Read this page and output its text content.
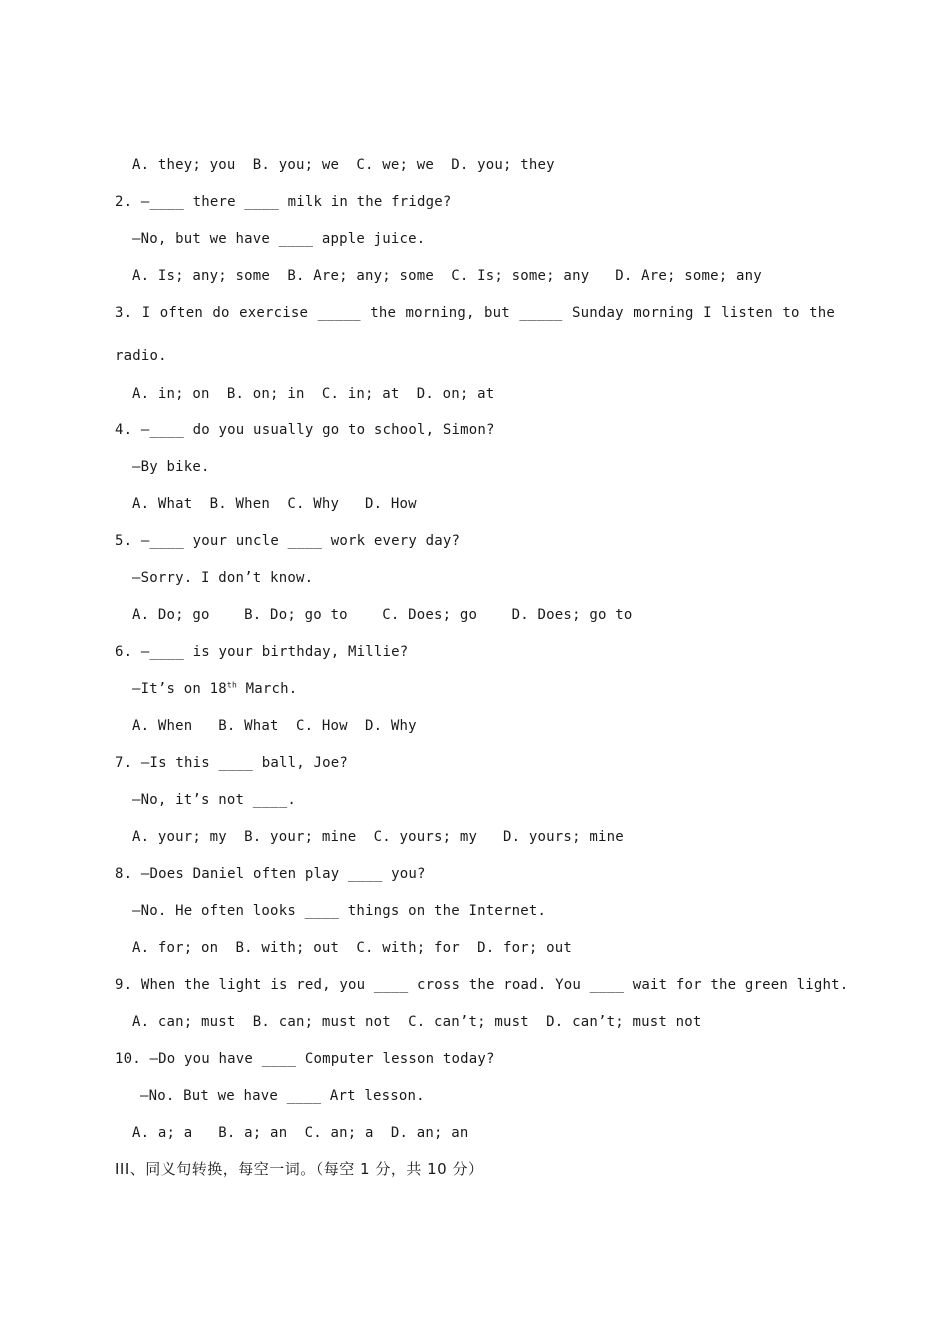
A. they; you  B. you; we  C. we; we  D. you; they
2. —____ there ____ milk in the fridge?
—No, but we have ____ apple juice.
A. Is; any; some  B. Are; any; some  C. Is; some; any   D. Are; some; any
3. I often do exercise _____ the morning, but _____ Sunday morning I listen to the
radio.
A. in; on  B. on; in  C. in; at  D. on; at
4. —____ do you usually go to school, Simon?
—By bike.
A. What  B. When  C. Why   D. How
5. —____ your uncle ____ work every day?
—Sorry. I don’t know.
A. Do; go    B. Do; go to    C. Does; go    D. Does; go to
6. —____ is your birthday, Millie?
—It’s on 18th March.
A. When   B. What  C. How  D. Why
7. —Is this ____ ball, Joe?
—No, it’s not ____.
A. your; my  B. your; mine  C. yours; my   D. yours; mine
8. —Does Daniel often play ____ you?
—No. He often looks ____ things on the Internet.
A. for; on  B. with; out  C. with; for  D. for; out
9. When the light is red, you ____ cross the road. You ____ wait for the green light.
A. can; must  B. can; must not  C. can’t; must  D. can’t; must not
10. —Do you have ____ Computer lesson today?
—No. But we have ____ Art lesson.
A. a; a   B. a; an  C. an; a  D. an; an
III、同义句转换，每空一词。（每空 1 分，共 10 分）
